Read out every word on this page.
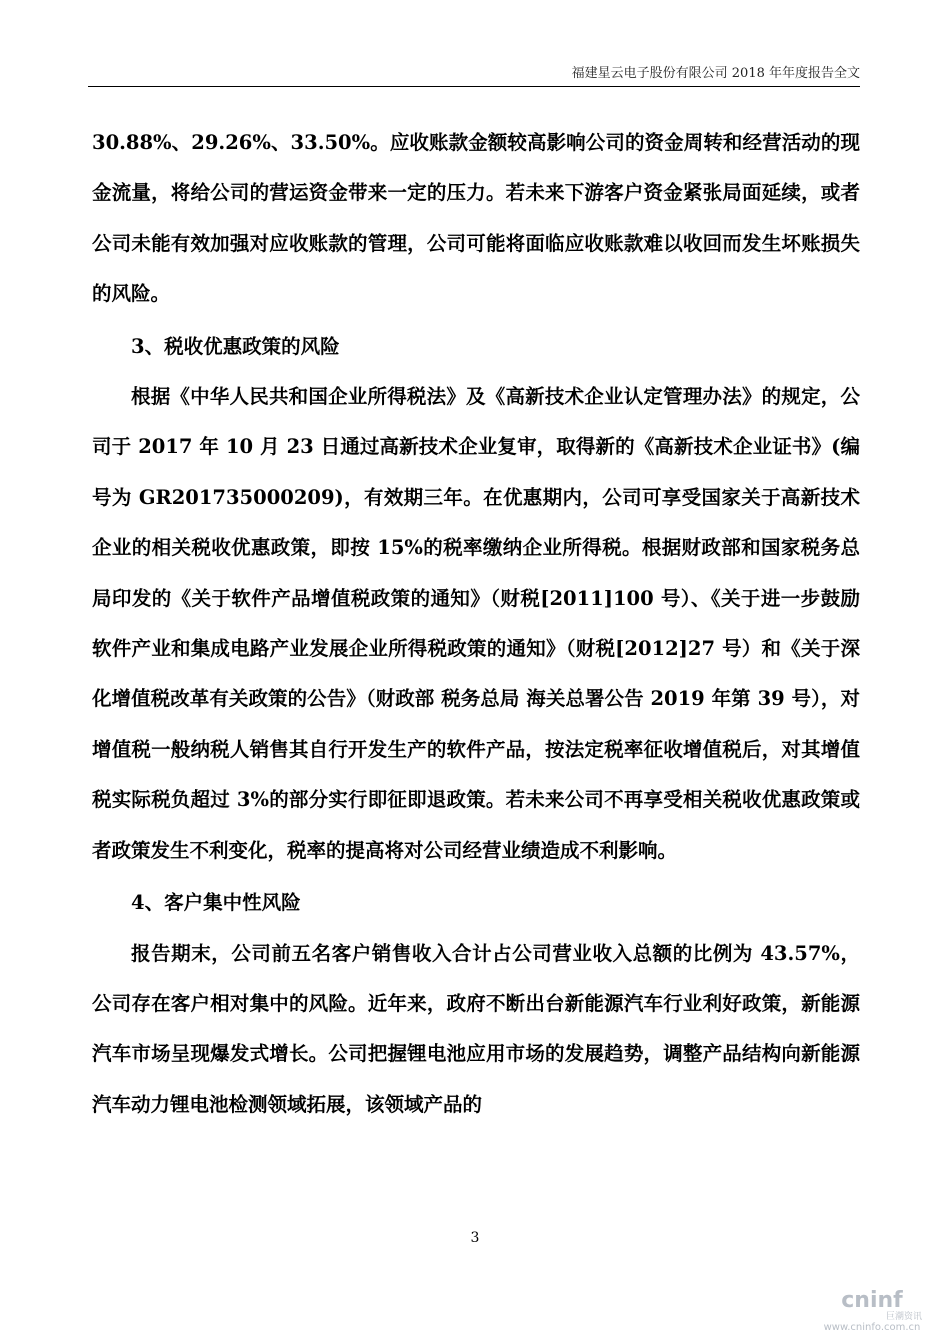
福建星云电子股份有限公司 2018 年年度报告全文

30.88%、29.26%、33.50%。应收账款金额较高影响公司的资金周转和经营活动的现金流量，将给公司的营运资金带来一定的压力。若未来下游客户资金紧张局面延续，或者公司未能有效加强对应收账款的管理，公司可能将面临应收账款难以收回而发生坏账损失的风险。

3、税收优惠政策的风险

根据《中华人民共和国企业所得税法》及《高新技术企业认定管理办法》的规定，公司于 2017 年 10 月 23 日通过高新技术企业复审，取得新的《高新技术企业证书》(编号为 GR201735000209)，有效期三年。在优惠期内，公司可享受国家关于高新技术企业的相关税收优惠政策，即按 15%的税率缴纳企业所得税。根据财政部和国家税务总局印发的《关于软件产品增值税政策的通知》（财税[2011]100 号）、《关于进一步鼓励软件产业和集成电路产业发展企业所得税政策的通知》（财税[2012]27 号）和《关于深化增值税改革有关政策的公告》（财政部 税务总局 海关总署公告 2019 年第 39 号），对增值税一般纳税人销售其自行开发生产的软件产品，按法定税率征收增值税后，对其增值税实际税负超过 3%的部分实行即征即退政策。若未来公司不再享受相关税收优惠政策或者政策发生不利变化，税率的提高将对公司经营业绩造成不利影响。

4、客户集中性风险

报告期末，公司前五名客户销售收入合计占公司营业收入总额的比例为 43.57%，公司存在客户相对集中的风险。近年来，政府不断出台新能源汽车行业利好政策，新能源汽车市场呈现爆发式增长。公司把握锂电池应用市场的发展趋势，调整产品结构向新能源汽车动力锂电池检测领域拓展，该领域产品的

3
cninf
巨潮资讯
www.cninfo.com.cn
